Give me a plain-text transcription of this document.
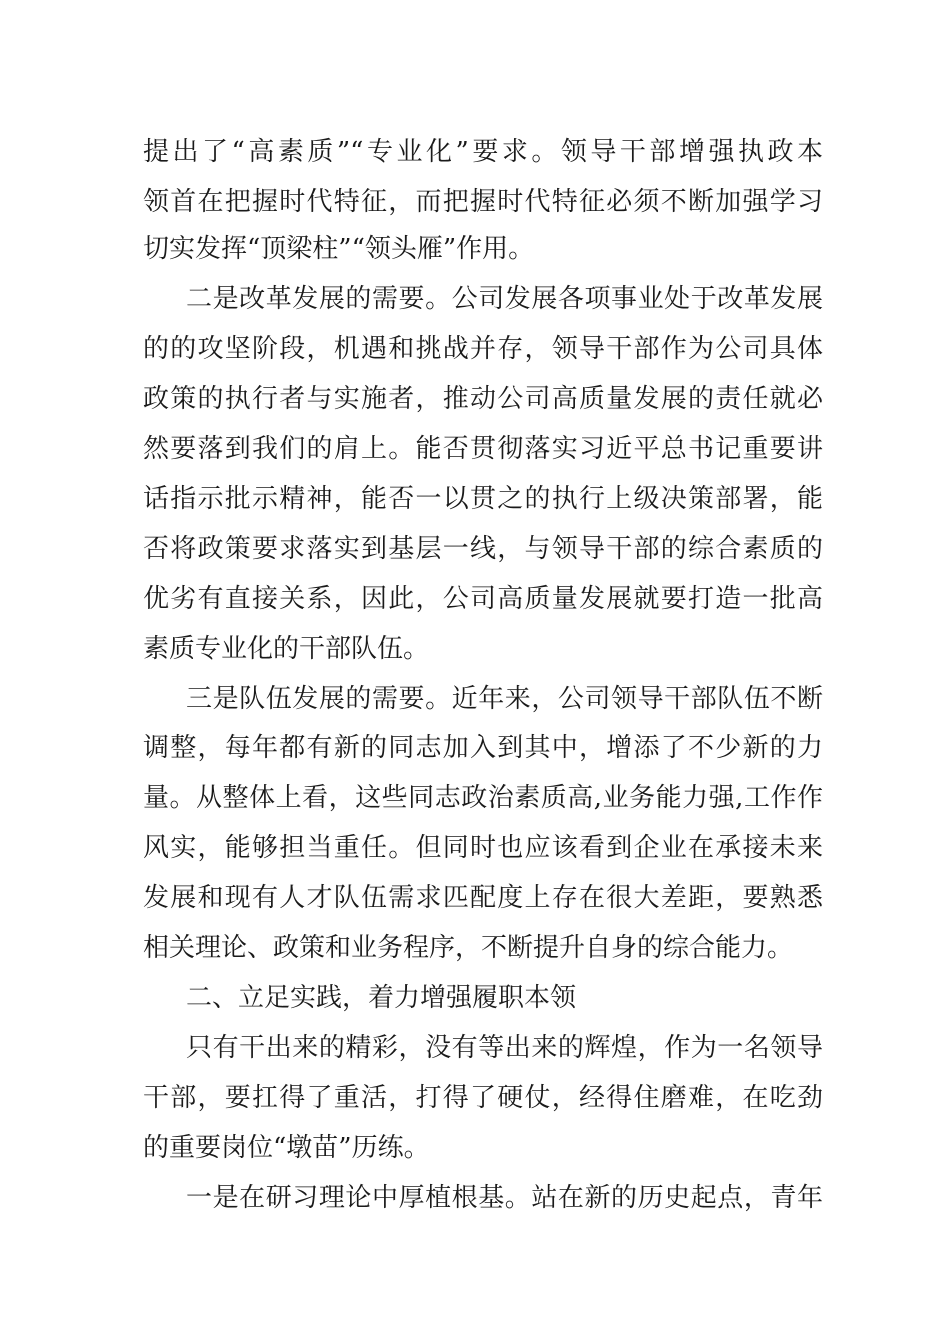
提出了“高素质”“专业化”要求。领导干部增强执政本
领首在把握时代特征，而把握时代特征必须不断加强学习
切实发挥“顶梁柱”“领头雁”作用。
二是改革发展的需要。公司发展各项事业处于改革发展
的的攻坚阶段，机遇和挑战并存，领导干部作为公司具体
政策的执行者与实施者，推动公司高质量发展的责任就必
然要落到我们的肩上。能否贯彻落实习近平总书记重要讲
话指示批示精神，能否一以贯之的执行上级决策部署，能
否将政策要求落实到基层一线，与领导干部的综合素质的
优劣有直接关系，因此，公司高质量发展就要打造一批高
素质专业化的干部队伍。
三是队伍发展的需要。近年来，公司领导干部队伍不断
调整，每年都有新的同志加入到其中，增添了不少新的力
量。从整体上看，这些同志政治素质高,业务能力强,工作作
风实，能够担当重任。但同时也应该看到企业在承接未来
发展和现有人才队伍需求匹配度上存在很大差距，要熟悉
相关理论、政策和业务程序，不断提升自身的综合能力。
二、立足实践，着力增强履职本领
只有干出来的精彩，没有等出来的辉煌，作为一名领导
干部，要扛得了重活，打得了硬仗，经得住磨难，在吃劲
的重要岗位“墩苗”历练。
一是在研习理论中厚植根基。站在新的历史起点，青年
